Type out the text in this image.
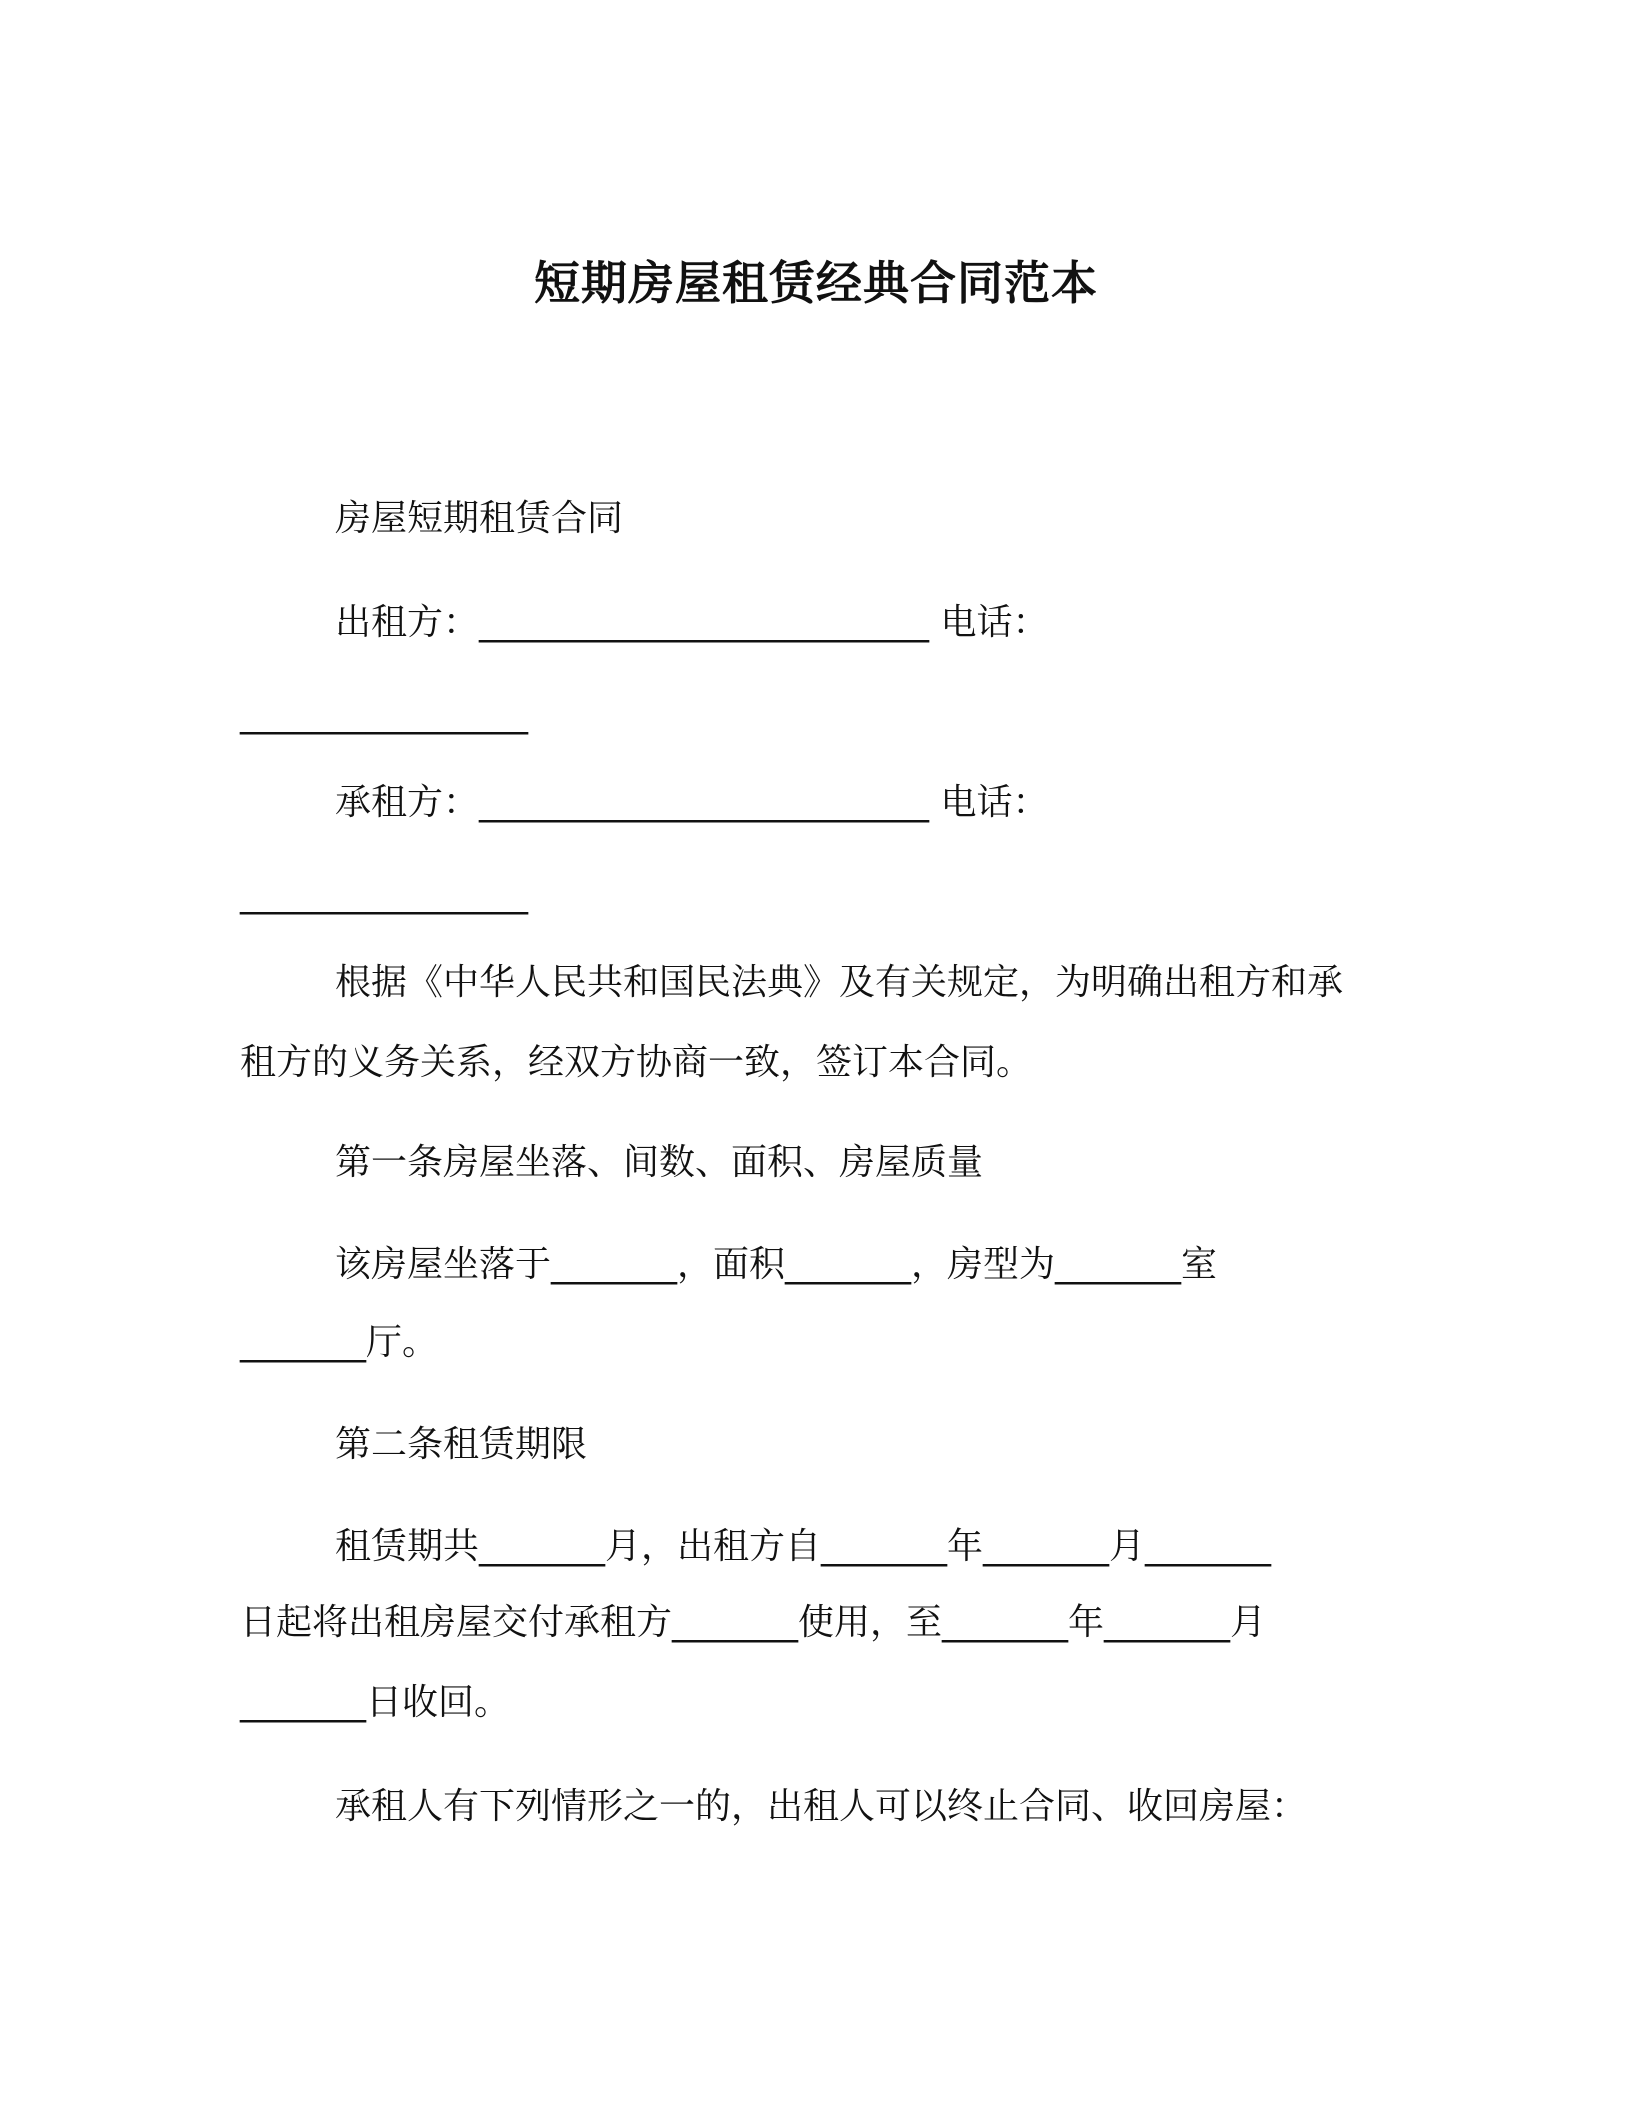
短期房屋租赁经典合同范本
房屋短期租赁合同
出租方：_________________________ 电话：
________________
承租方：_________________________ 电话：
________________
根据《中华人民共和国民法典》及有关规定，为明确出租方和承
租方的义务关系，经双方协商一致，签订本合同。
第一条房屋坐落、间数、面积、房屋质量
该房屋坐落于_______，面积_______，房型为_______室
_______厅。
第二条租赁期限
租赁期共_______月，出租方自_______年_______月_______
日起将出租房屋交付承租方_______使用，至_______年_______月
_______日收回。
承租人有下列情形之一的，出租人可以终止合同、收回房屋：
